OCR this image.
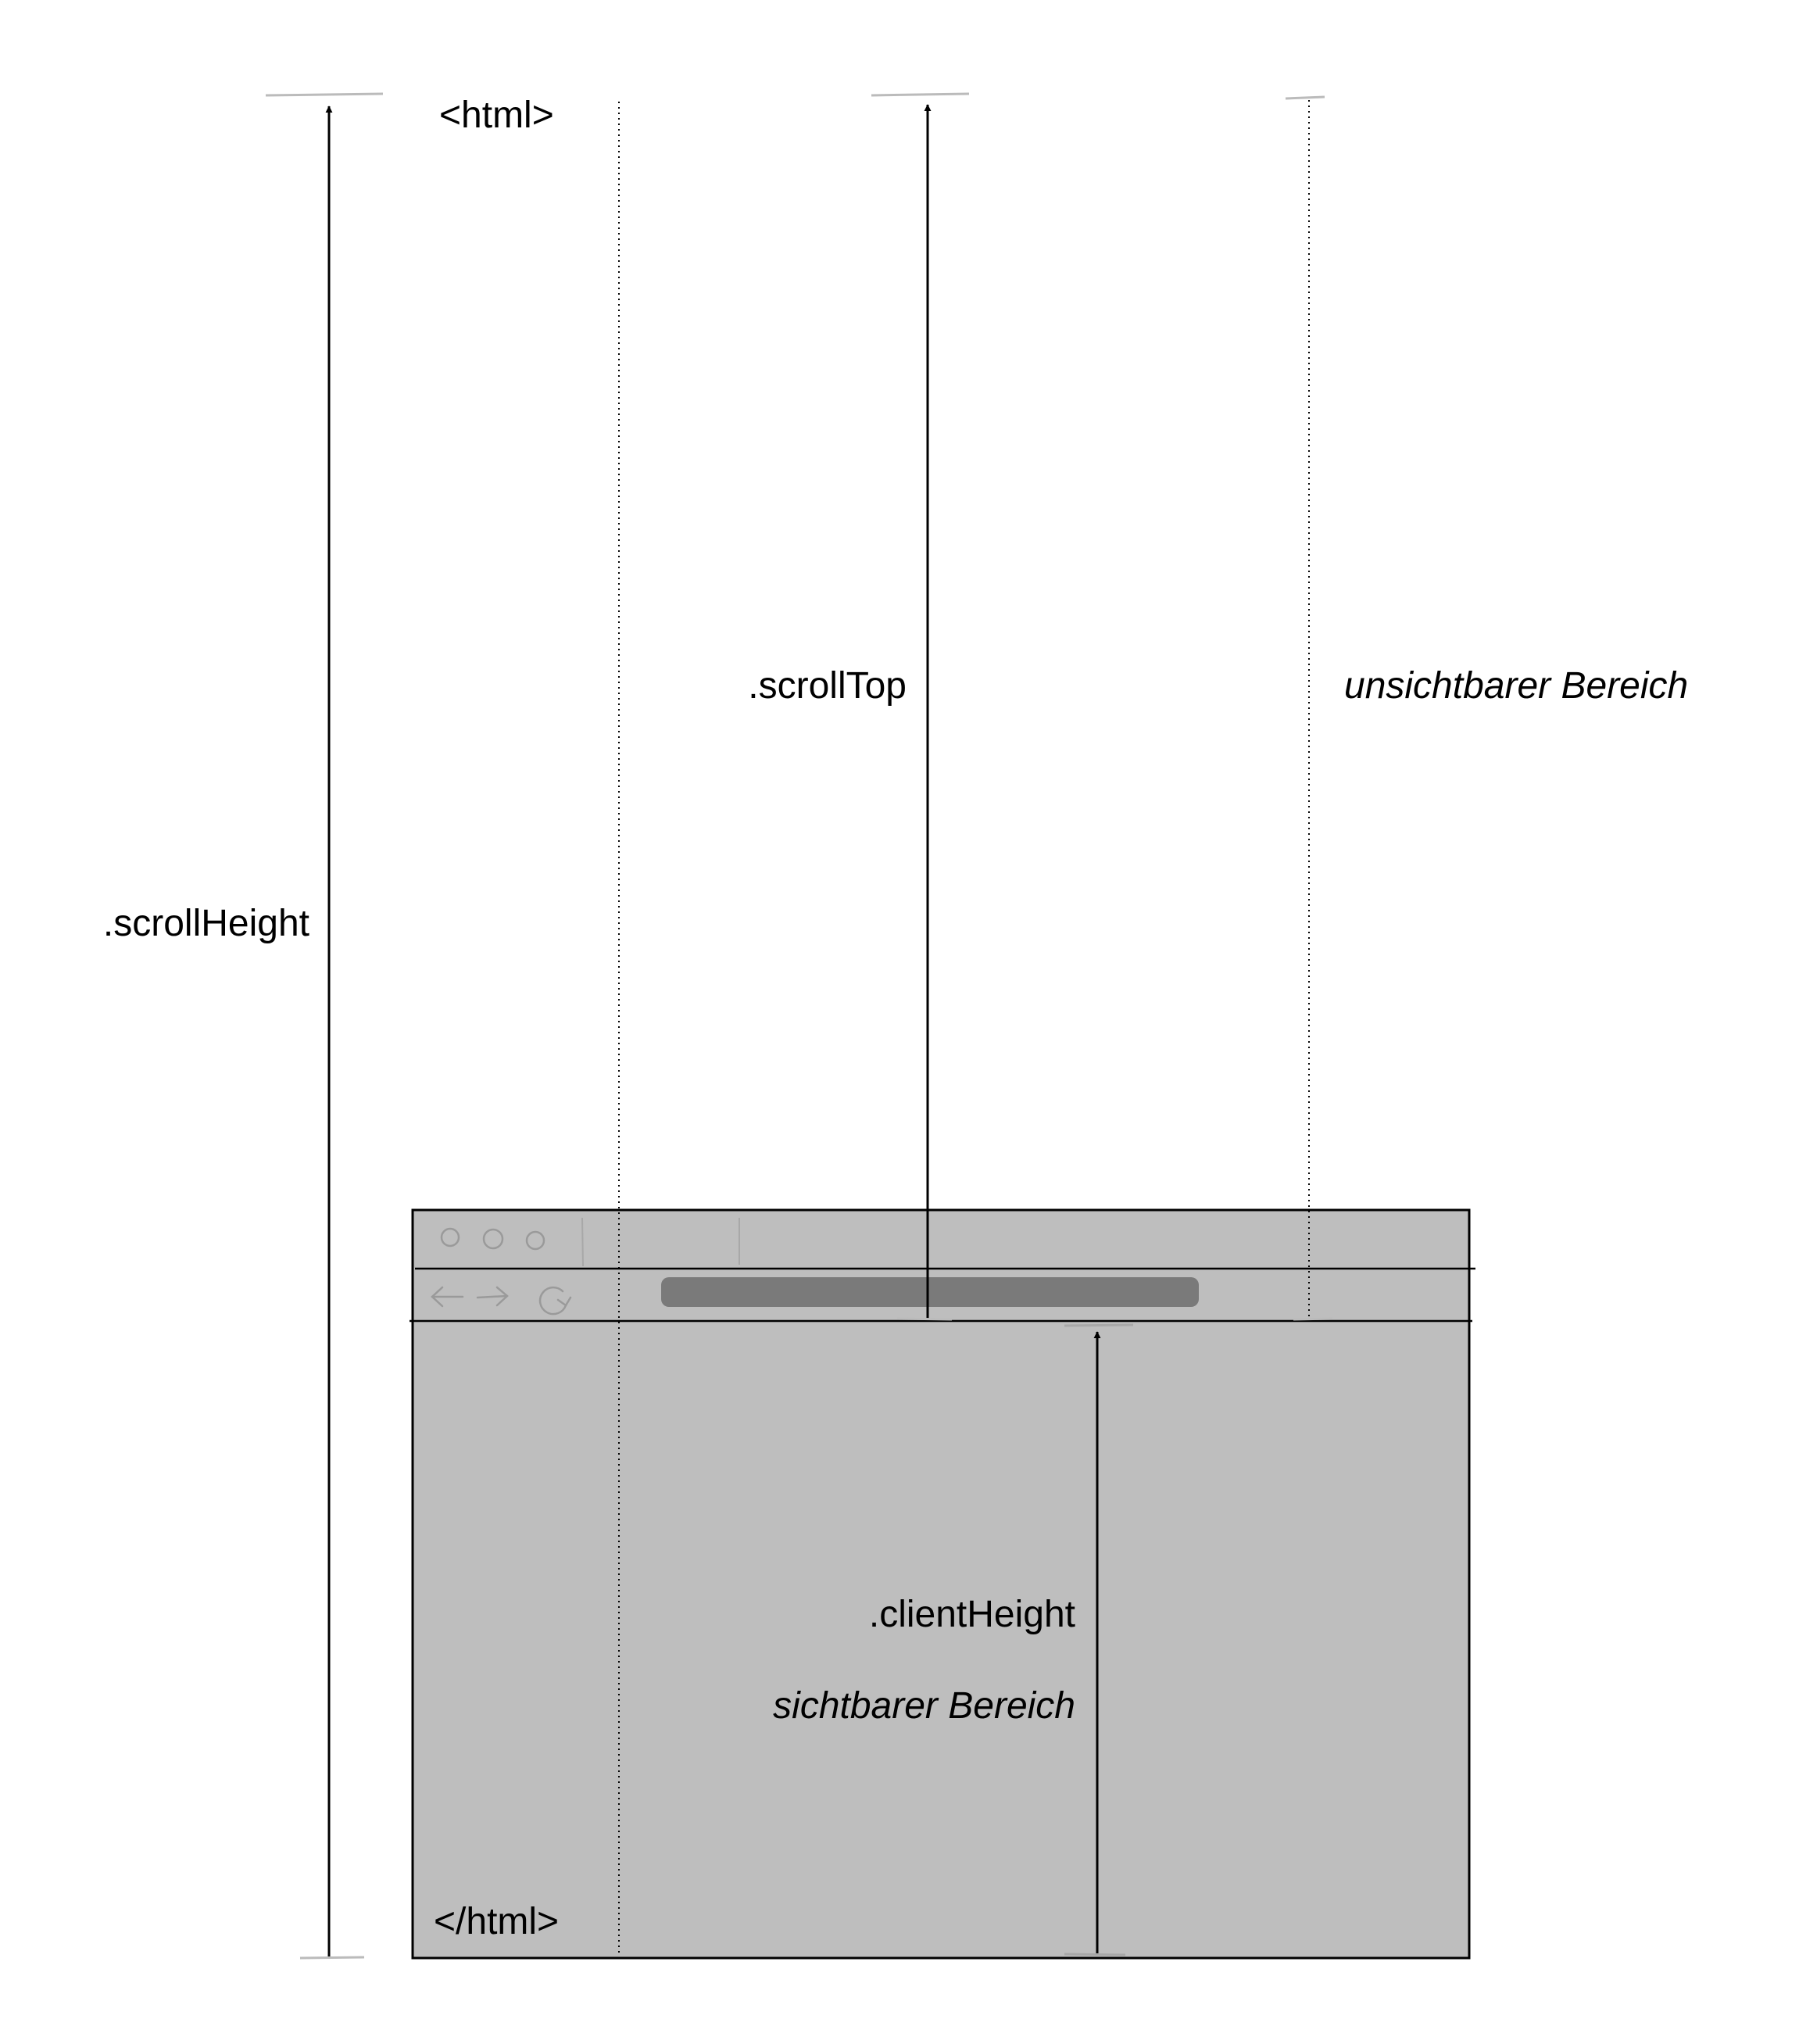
<html>
</html>
.scrollHeight
.scrollTop	unsichtbarer Bereich
.clientHeight
sichtbarer Bereich
